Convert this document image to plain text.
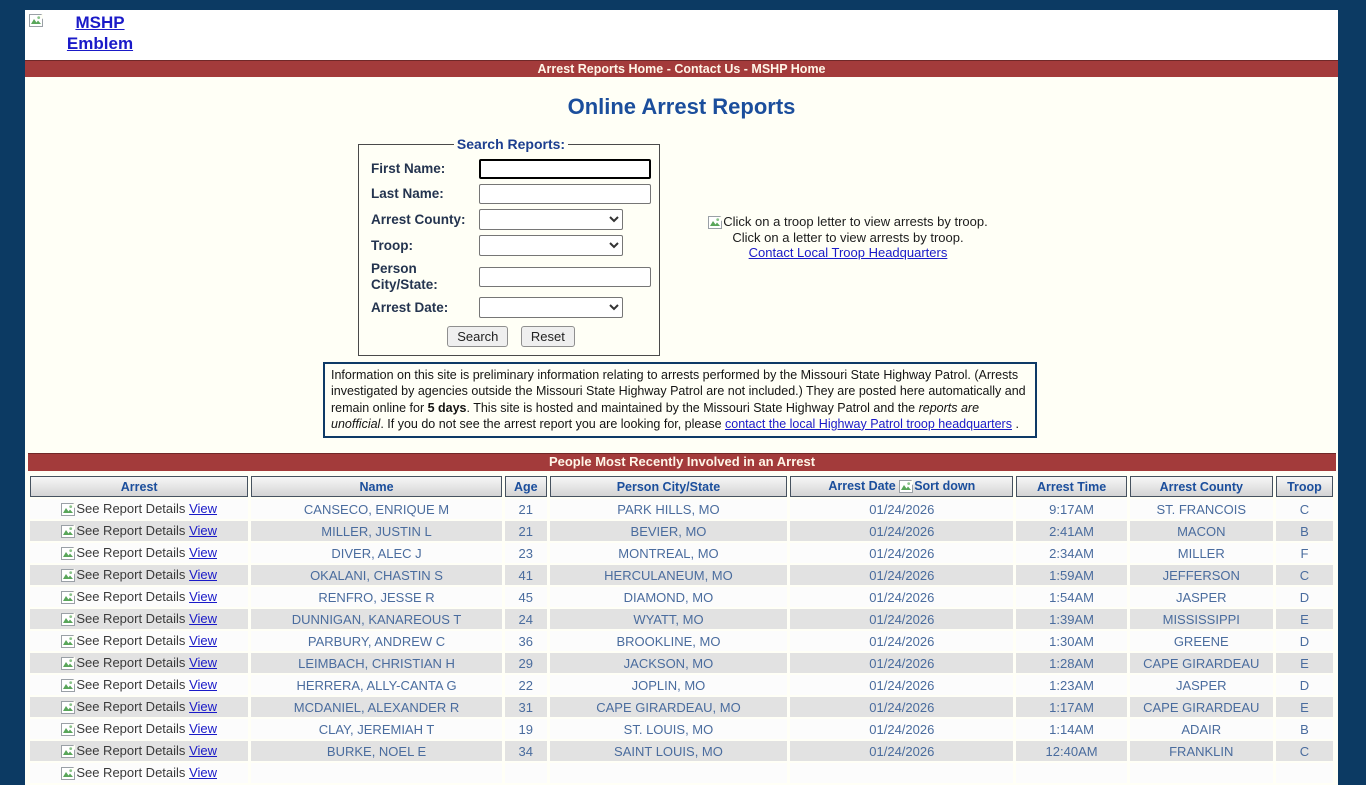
MSHP Emblem
Arrest Reports Home - Contact Us - MSHP Home
Online Arrest Reports
Search Reports:
First Name:
Last Name:
Arrest County:
Troop:
Person City/State:
Arrest Date:
Search Reset
Click on a troop letter to view arrests by troop.
Click on a letter to view arrests by troop.
Contact Local Troop Headquarters
Information on this site is preliminary information relating to arrests performed by the Missouri State Highway Patrol. (Arrests investigated by agencies outside the Missouri State Highway Patrol are not included.) They are posted here automatically and remain online for 5 days. This site is hosted and maintained by the Missouri State Highway Patrol and the reports are unofficial. If you do not see the arrest report you are looking for, please contact the local Highway Patrol troop headquarters .
People Most Recently Involved in an Arrest
Arrest	Name	Age	Person City/State	Arrest Date Sort down	Arrest Time	Arrest County	Troop
See Report Details View	CANSECO, ENRIQUE M	21	PARK HILLS, MO	01/24/2026	9:17AM	ST. FRANCOIS	C
See Report Details View	MILLER, JUSTIN L	21	BEVIER, MO	01/24/2026	2:41AM	MACON	B
See Report Details View	DIVER, ALEC J	23	MONTREAL, MO	01/24/2026	2:34AM	MILLER	F
See Report Details View	OKALANI, CHASTIN S	41	HERCULANEUM, MO	01/24/2026	1:59AM	JEFFERSON	C
See Report Details View	RENFRO, JESSE R	45	DIAMOND, MO	01/24/2026	1:54AM	JASPER	D
See Report Details View	DUNNIGAN, KANAREOUS T	24	WYATT, MO	01/24/2026	1:39AM	MISSISSIPPI	E
See Report Details View	PARBURY, ANDREW C	36	BROOKLINE, MO	01/24/2026	1:30AM	GREENE	D
See Report Details View	LEIMBACH, CHRISTIAN H	29	JACKSON, MO	01/24/2026	1:28AM	CAPE GIRARDEAU	E
See Report Details View	HERRERA, ALLY-CANTA G	22	JOPLIN, MO	01/24/2026	1:23AM	JASPER	D
See Report Details View	MCDANIEL, ALEXANDER R	31	CAPE GIRARDEAU, MO	01/24/2026	1:17AM	CAPE GIRARDEAU	E
See Report Details View	CLAY, JEREMIAH T	19	ST. LOUIS, MO	01/24/2026	1:14AM	ADAIR	B
See Report Details View	BURKE, NOEL E	34	SAINT LOUIS, MO	01/24/2026	12:40AM	FRANKLIN	C
See Report Details View							
